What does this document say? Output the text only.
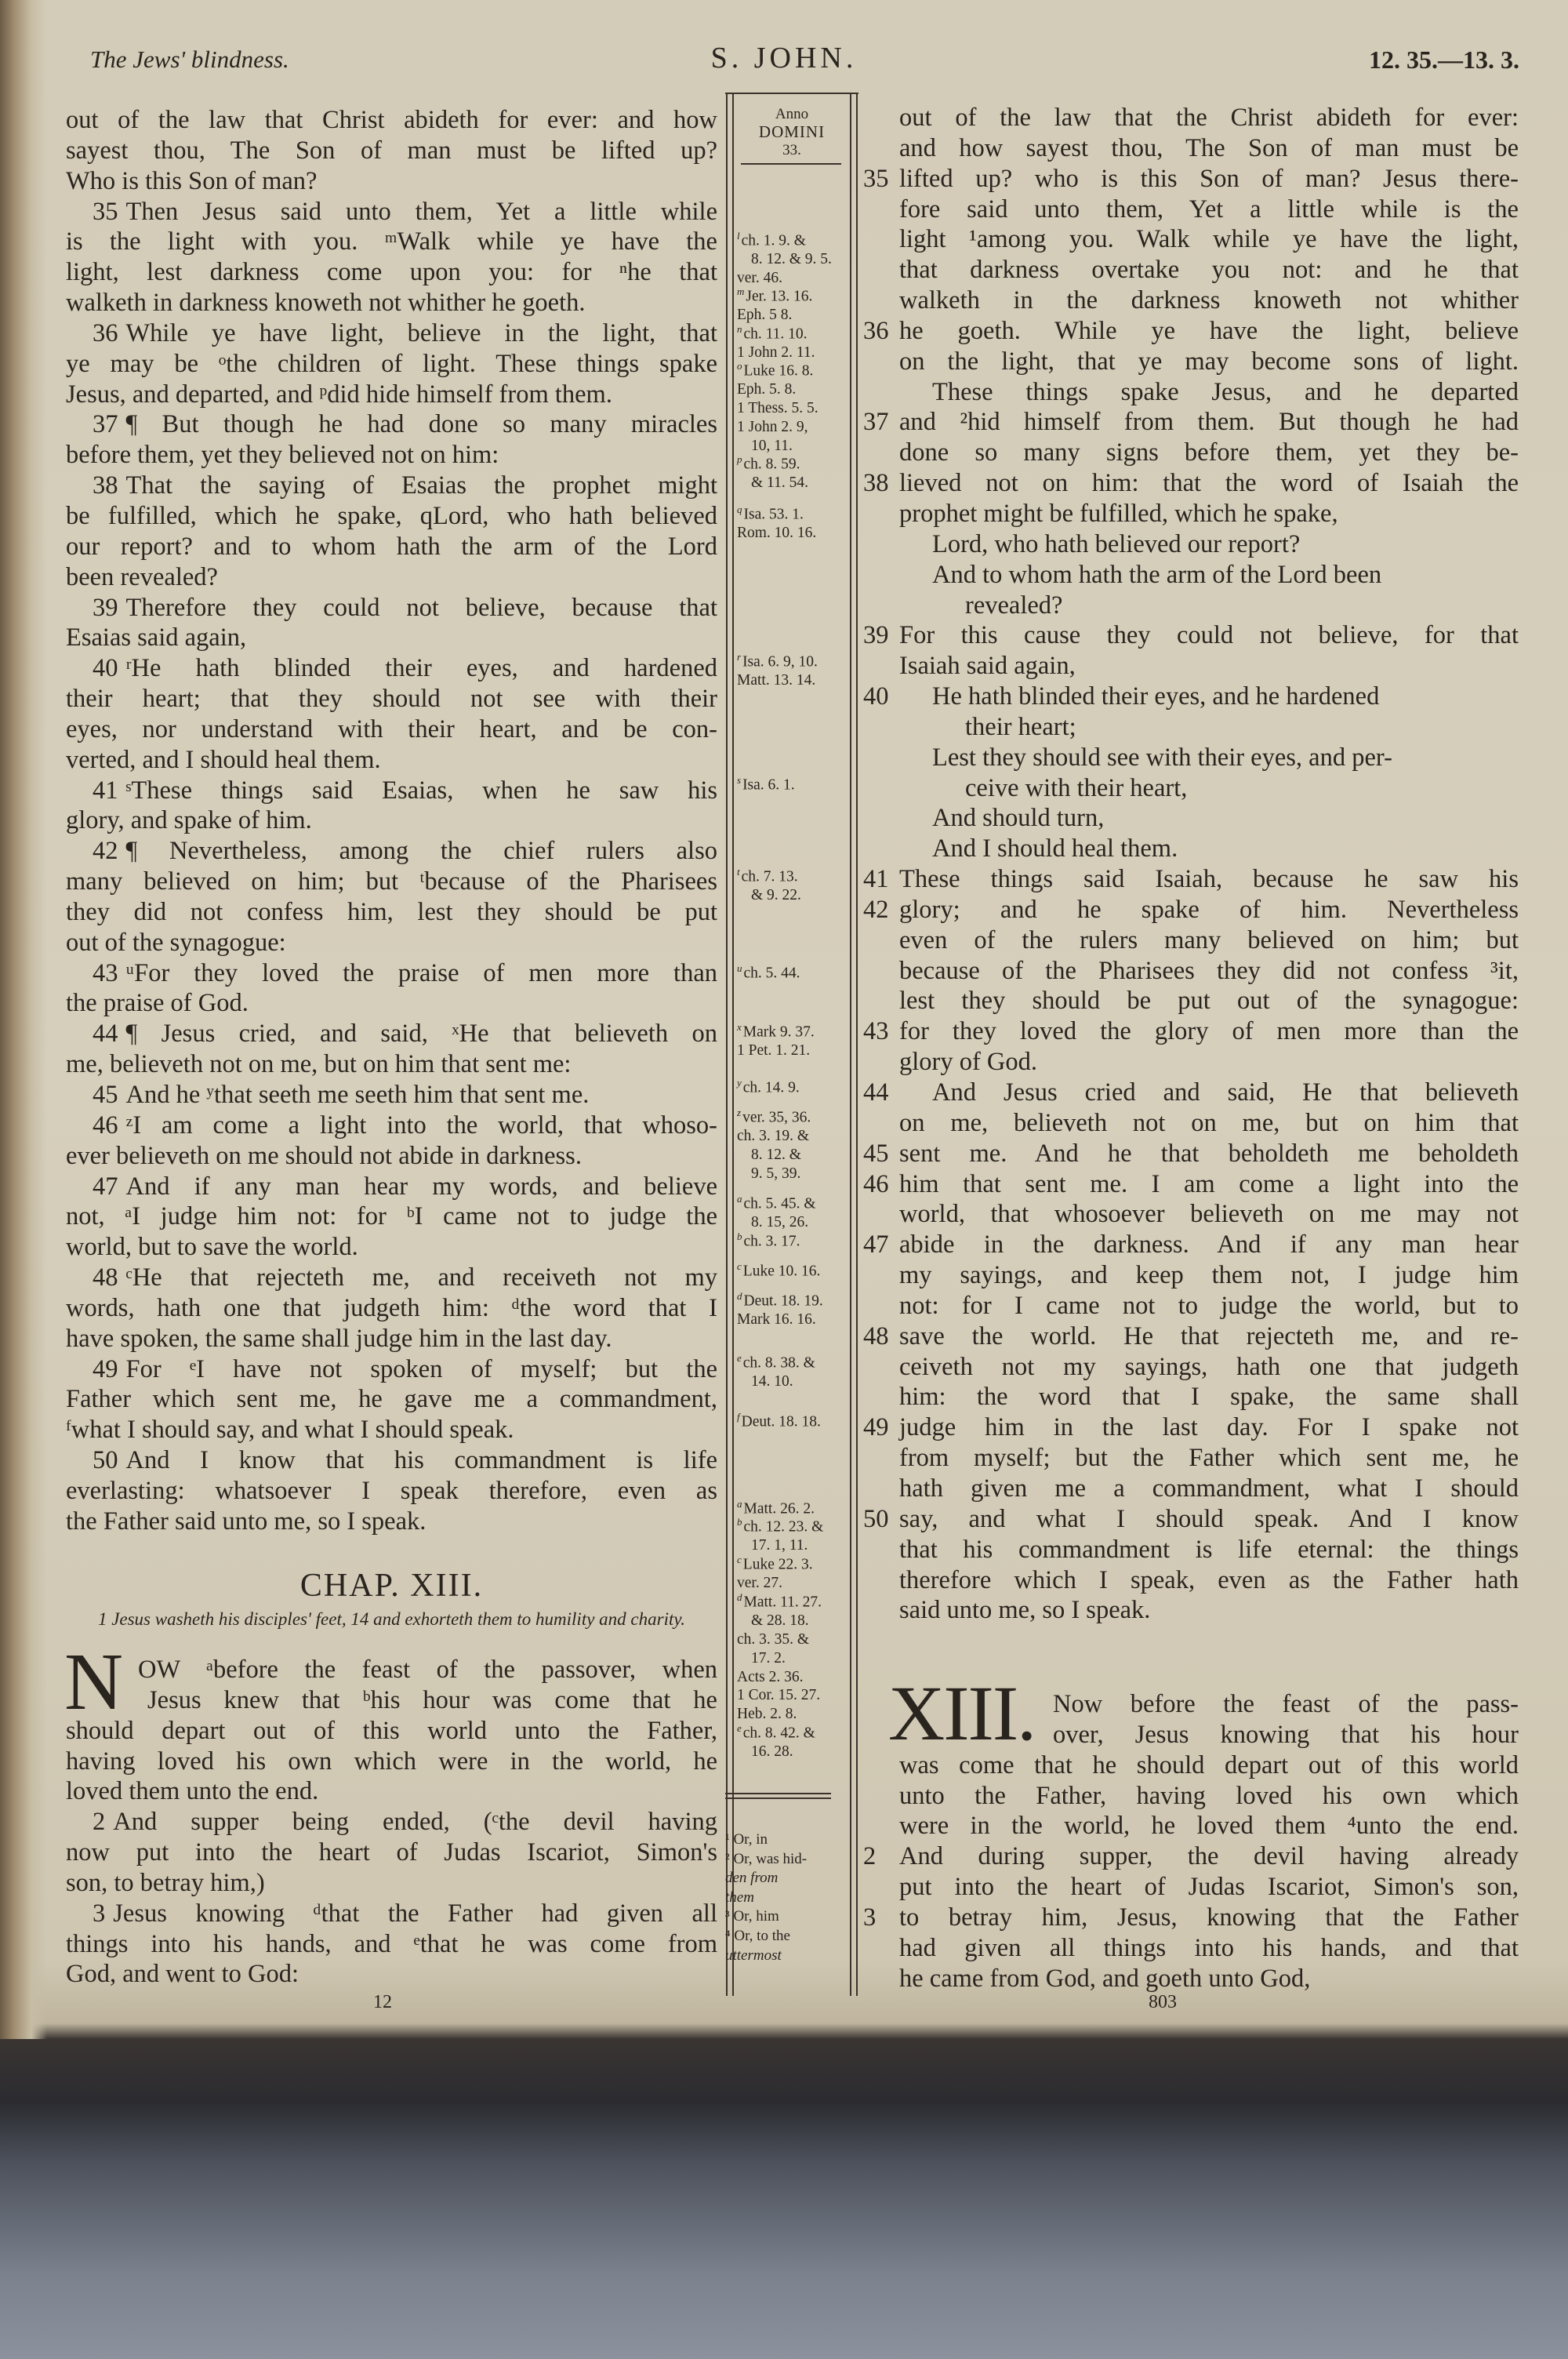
The Jews' blindness.	S. JOHN.	12. 35.—13. 3.
out of the law that Christ abideth for ever: and how
sayest thou, The Son of man must be lifted up?
Who is this Son of man?
35 Then Jesus said unto them, Yet a little while
is the light with you. ᵐWalk while ye have the
light, lest darkness come upon you: for ⁿhe that
walketh in darkness knoweth not whither he goeth.
36 While ye have light, believe in the light, that
ye may be ᵒthe children of light. These things spake
Jesus, and departed, and ᵖdid hide himself from them.
37 ¶ But though he had done so many miracles
before them, yet they believed not on him:
38 That the saying of Esaias the prophet might
be fulfilled, which he spake, qLord, who hath believed
our report? and to whom hath the arm of the Lord
been revealed?
39 Therefore they could not believe, because that
Esaias said again,
40 ʳHe hath blinded their eyes, and hardened
their heart; that they should not see with their
eyes, nor understand with their heart, and be con-
verted, and I should heal them.
41 ˢThese things said Esaias, when he saw his
glory, and spake of him.
42 ¶ Nevertheless, among the chief rulers also
many believed on him; but ᵗbecause of the Pharisees
they did not confess him, lest they should be put
out of the synagogue:
43 ᵘFor they loved the praise of men more than
the praise of God.
44 ¶ Jesus cried, and said, ˣHe that believeth on
me, believeth not on me, but on him that sent me:
45 And he ʸthat seeth me seeth him that sent me.
46 ᶻI am come a light into the world, that whoso-
ever believeth on me should not abide in darkness.
47 And if any man hear my words, and believe
not, ᵃI judge him not: for ᵇI came not to judge the
world, but to save the world.
48 ᶜHe that rejecteth me, and receiveth not my
words, hath one that judgeth him: ᵈthe word that I
have spoken, the same shall judge him in the last day.
49 For ᵉI have not spoken of myself; but the
Father which sent me, he gave me a commandment,
ᶠwhat I should say, and what I should speak.
50 And I know that his commandment is life
everlasting: whatsoever I speak therefore, even as
the Father said unto me, so I speak.
CHAP. XIII.
1 Jesus washeth his disciples' feet, 14 and exhorteth them to humility and charity.
N OW ᵃbefore the feast of the passover, when
Jesus knew that ᵇhis hour was come that he
should depart out of this world unto the Father,
having loved his own which were in the world, he
loved them unto the end.
2 And supper being ended, (ᶜthe devil having
now put into the heart of Judas Iscariot, Simon's
son, to betray him,)
3 Jesus knowing ᵈthat the Father had given all
things into his hands, and ᵉthat he was come from
God, and went to God:
12
Anno
DOMINI
33.
$^l$ ch. 1. 9. &
8. 12. & 9. 5.
ver. 46.
$^m$ Jer. 13. 16.
Eph. 5 8.
$^n$ ch. 11. 10.
1 John 2. 11.
$^o$ Luke 16. 8.
Eph. 5. 8.
1 Thess. 5. 5.
1 John 2. 9,
10, 11.
$^p$ ch. 8. 59.
& 11. 54.
$^q$ Isa. 53. 1.
Rom. 10. 16.
$^r$ Isa. 6. 9, 10.
Matt. 13. 14.
$^s$ Isa. 6. 1.
$^t$ ch. 7. 13.
& 9. 22.
$^u$ ch. 5. 44.
$^x$ Mark 9. 37.
1 Pet. 1. 21.
$^y$ ch. 14. 9.
$^z$ ver. 35, 36.
ch. 3. 19. &
8. 12. &
9. 5, 39.
$^a$ ch. 5. 45. &
8. 15, 26.
$^b$ ch. 3. 17.
$^c$ Luke 10. 16.
$^d$ Deut. 18. 19.
Mark 16. 16.
$^e$ ch. 8. 38. &
14. 10.
$^f$ Deut. 18. 18.
$^a$ Matt. 26. 2.
$^b$ ch. 12. 23. &
17. 1, 11.
$^c$ Luke 22. 3.
ver. 27.
$^d$ Matt. 11. 27.
& 28. 18.
ch. 3. 35. &
17. 2.
Acts 2. 36.
1 Cor. 15. 27.
Heb. 2. 8.
$^e$ ch. 8. 42. &
16. 28.
¹ Or, in
² Or, was hid-
den from
them
³ Or, him
⁴ Or, to the
uttermost
out of the law that the Christ abideth for ever:
and how sayest thou, The Son of man must be
35 lifted up? who is this Son of man? Jesus there-
fore said unto them, Yet a little while is the
light ¹among you. Walk while ye have the light,
that darkness overtake you not: and he that
walketh in the darkness knoweth not whither
36 he goeth. While ye have the light, believe
on the light, that ye may become sons of light.
These things spake Jesus, and he departed
37 and ²hid himself from them. But though he had
done so many signs before them, yet they be-
38 lieved not on him: that the word of Isaiah the
prophet might be fulfilled, which he spake,
Lord, who hath believed our report?
And to whom hath the arm of the Lord been
revealed?
39 For this cause they could not believe, for that
Isaiah said again,
40 He hath blinded their eyes, and he hardened
their heart;
Lest they should see with their eyes, and per-
ceive with their heart,
And should turn,
And I should heal them.
41 These things said Isaiah, because he saw his
42 glory; and he spake of him. Nevertheless
even of the rulers many believed on him; but
because of the Pharisees they did not confess ³it,
lest they should be put out of the synagogue:
43 for they loved the glory of men more than the
glory of God.
44 And Jesus cried and said, He that believeth
on me, believeth not on me, but on him that
45 sent me. And he that beholdeth me beholdeth
46 him that sent me. I am come a light into the
world, that whosoever believeth on me may not
47 abide in the darkness. And if any man hear
my sayings, and keep them not, I judge him
not: for I came not to judge the world, but to
48 save the world. He that rejecteth me, and re-
ceiveth not my sayings, hath one that judgeth
him: the word that I spake, the same shall
49 judge him in the last day. For I spake not
from myself; but the Father which sent me, he
hath given me a commandment, what I should
50 say, and what I should speak. And I know
that his commandment is life eternal: the things
therefore which I speak, even as the Father hath
said unto me, so I speak.
XIII. Now before the feast of the pass-
over, Jesus knowing that his hour
was come that he should depart out of this world
unto the Father, having loved his own which
were in the world, he loved them ⁴unto the end.
2 And during supper, the devil having already
put into the heart of Judas Iscariot, Simon's son,
3 to betray him, Jesus, knowing that the Father
had given all things into his hands, and that
he came from God, and goeth unto God,
803
